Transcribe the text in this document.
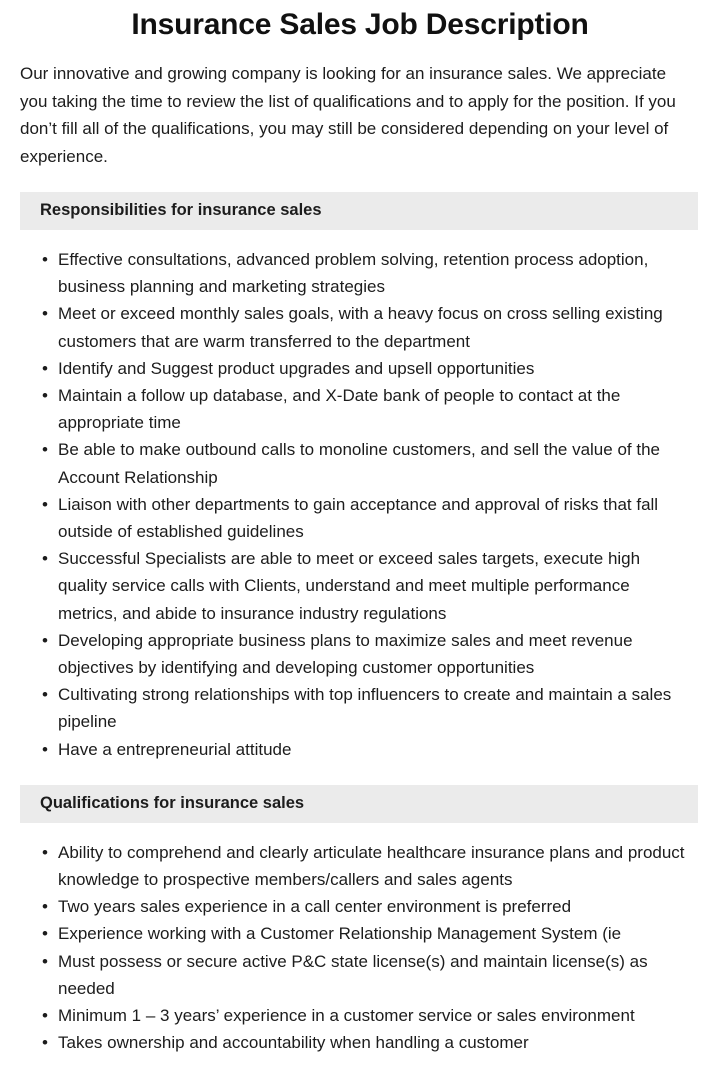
Insurance Sales Job Description

Our innovative and growing company is looking for an insurance sales. We appreciate you taking the time to review the list of qualifications and to apply for the position. If you don’t fill all of the qualifications, you may still be considered depending on your level of experience.

Responsibilities for insurance sales
• Effective consultations, advanced problem solving, retention process adoption, business planning and marketing strategies
• Meet or exceed monthly sales goals, with a heavy focus on cross selling existing customers that are warm transferred to the department
• Identify and Suggest product upgrades and upsell opportunities
• Maintain a follow up database, and X-Date bank of people to contact at the appropriate time
• Be able to make outbound calls to monoline customers, and sell the value of the Account Relationship
• Liaison with other departments to gain acceptance and approval of risks that fall outside of established guidelines
• Successful Specialists are able to meet or exceed sales targets, execute high quality service calls with Clients, understand and meet multiple performance metrics, and abide to insurance industry regulations
• Developing appropriate business plans to maximize sales and meet revenue objectives by identifying and developing customer opportunities
• Cultivating strong relationships with top influencers to create and maintain a sales pipeline
• Have a entrepreneurial attitude
Qualifications for insurance sales
• Ability to comprehend and clearly articulate healthcare insurance plans and product knowledge to prospective members/callers and sales agents
• Two years sales experience in a call center environment is preferred
• Experience working with a Customer Relationship Management System (ie
• Must possess or secure active P&C state license(s) and maintain license(s) as needed
• Minimum 1 – 3 years’ experience in a customer service or sales environment
• Takes ownership and accountability when handling a customer
